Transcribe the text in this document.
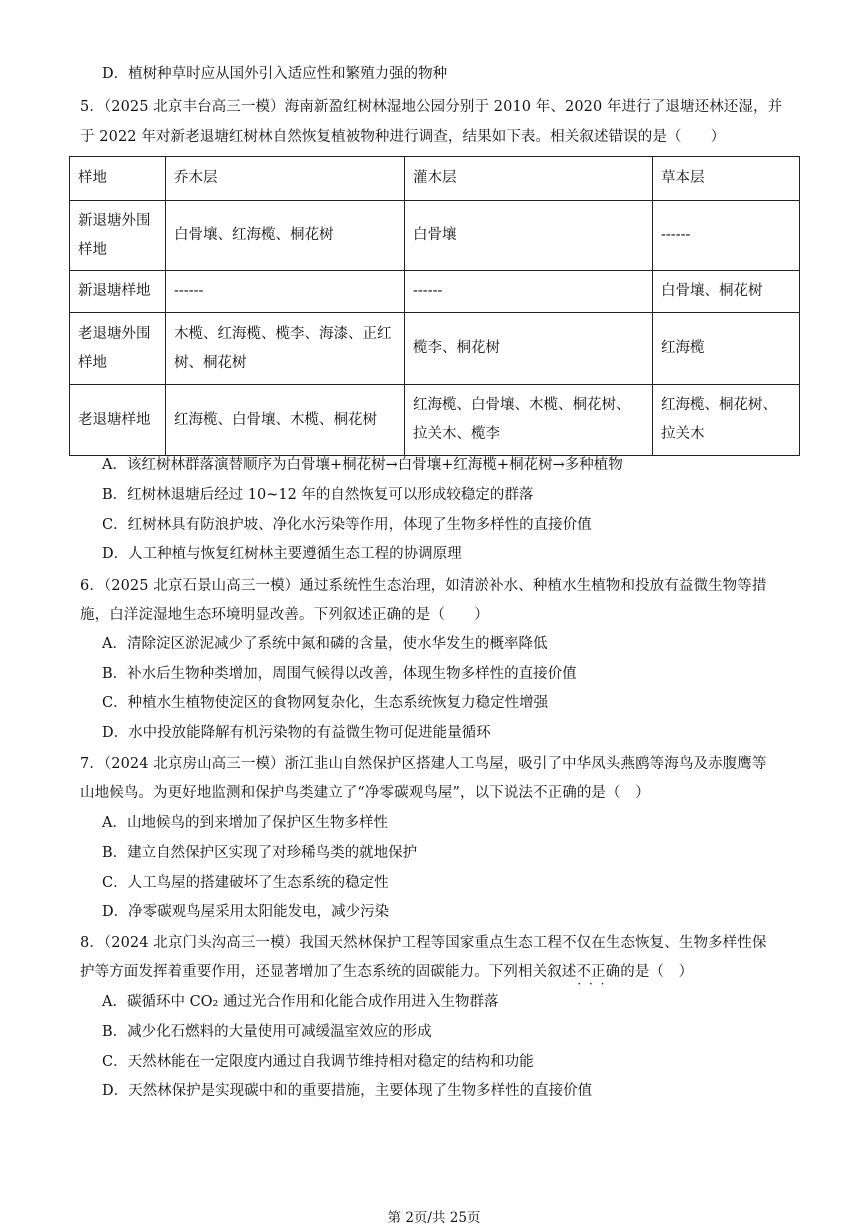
D．植树种草时应从国外引入适应性和繁殖力强的物种
5．（2025 北京丰台高三一模）海南新盈红树林湿地公园分别于 2010 年、2020 年进行了退塘还林还湿，并
于 2022 年对新老退塘红树林自然恢复植被物种进行调查，结果如下表。相关叙述错误的是（　　）
样地	乔木层	灌木层	草本层
新退塘外围样地	白骨壤、红海榄、桐花树	白骨壤	------
新退塘样地	------	------	白骨壤、桐花树
老退塘外围样地	木榄、红海榄、榄李、海漆、正红树、桐花树	榄李、桐花树	红海榄
老退塘样地	红海榄、白骨壤、木榄、桐花树	红海榄、白骨壤、木榄、桐花树、拉关木、榄李	红海榄、桐花树、拉关木
A．该红树林群落演替顺序为白骨壤+桐花树→白骨壤+红海榄+桐花树→多种植物
B．红树林退塘后经过 10~12 年的自然恢复可以形成较稳定的群落
C．红树林具有防浪护坡、净化水污染等作用，体现了生物多样性的直接价值
D．人工种植与恢复红树林主要遵循生态工程的协调原理
6．（2025 北京石景山高三一模）通过系统性生态治理，如清淤补水、种植水生植物和投放有益微生物等措
施，白洋淀湿地生态环境明显改善。下列叙述正确的是（　　）
A．清除淀区淤泥减少了系统中氮和磷的含量，使水华发生的概率降低
B．补水后生物种类增加，周围气候得以改善，体现生物多样性的直接价值
C．种植水生植物使淀区的食物网复杂化，生态系统恢复力稳定性增强
D．水中投放能降解有机污染物的有益微生物可促进能量循环
7．（2024 北京房山高三一模）浙江韭山自然保护区搭建人工鸟屋，吸引了中华凤头燕鸥等海鸟及赤腹鹰等
山地候鸟。为更好地监测和保护鸟类建立了“净零碳观鸟屋”，以下说法不正确的是（　）
A．山地候鸟的到来增加了保护区生物多样性
B．建立自然保护区实现了对珍稀鸟类的就地保护
C．人工鸟屋的搭建破坏了生态系统的稳定性
D．净零碳观鸟屋采用太阳能发电，减少污染
8．（2024 北京门头沟高三一模）我国天然林保护工程等国家重点生态工程不仅在生态恢复、生物多样性保
护等方面发挥着重要作用，还显著增加了生态系统的固碳能力。下列相关叙述不正确 · · ·的是（　）
A．碳循环中 CO₂ 通过光合作用和化能合成作用进入生物群落
B．减少化石燃料的大量使用可减缓温室效应的形成
C．天然林能在一定限度内通过自我调节维持相对稳定的结构和功能
D．天然林保护是实现碳中和的重要措施，主要体现了生物多样性的直接价值
第 2页/共 25页
